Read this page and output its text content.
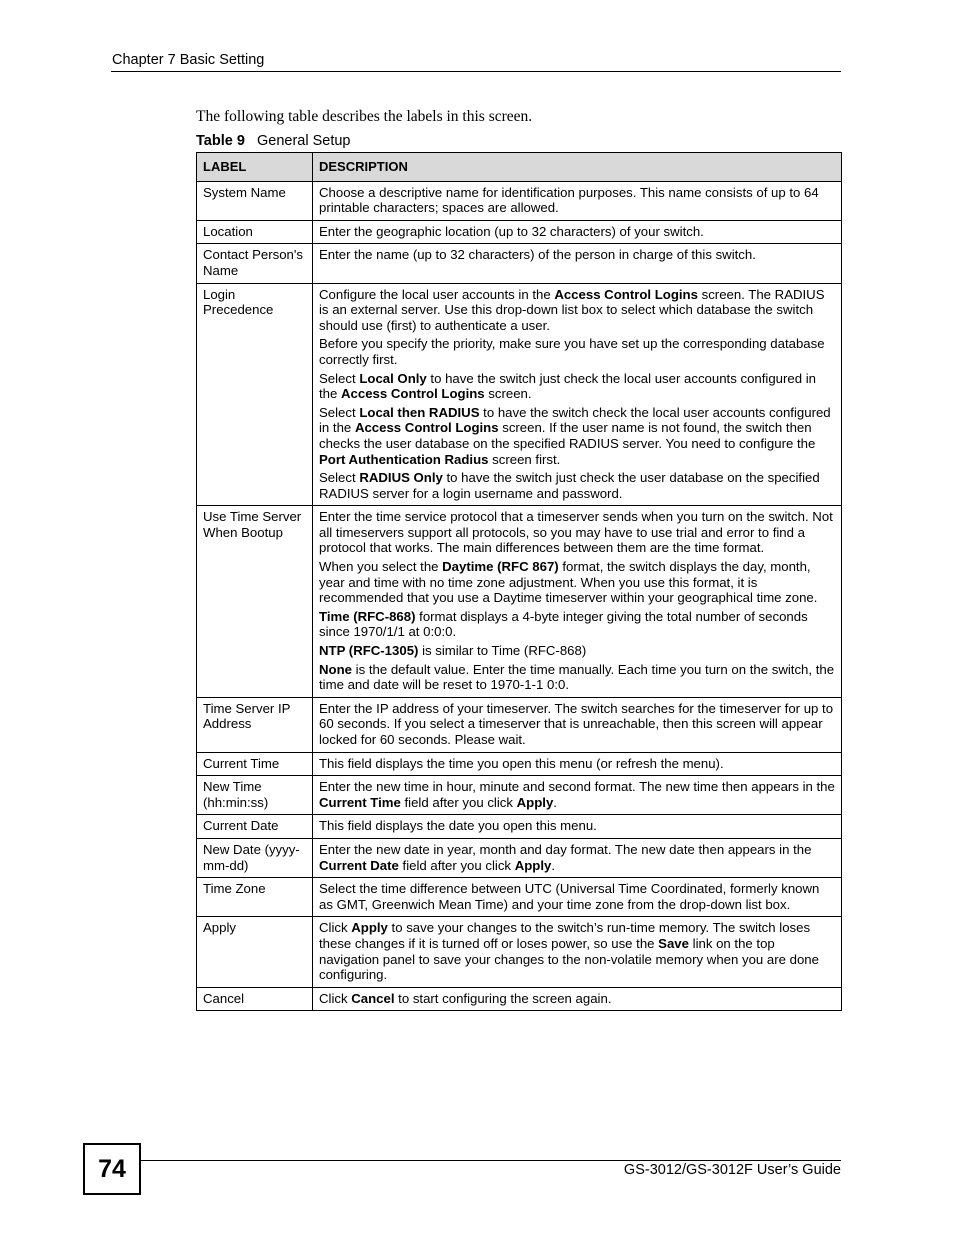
Chapter 7 Basic Setting
The following table describes the labels in this screen.
Table 9 General Setup
LABEL	DESCRIPTION
System Name	Choose a descriptive name for identification purposes. This name consists of up to 64 printable characters; spaces are allowed.

Location	Enter the geographic location (up to 32 characters) of your switch.

Contact Person's Name	Enter the name (up to 32 characters) of the person in charge of this switch.

Login Precedence	Configure the local user accounts in the Access Control Logins screen. The RADIUS is an external server. Use this drop-down list box to select which database the switch should use (first) to authenticate a user.

Before you specify the priority, make sure you have set up the corresponding database correctly first.

Select Local Only to have the switch just check the local user accounts configured in the Access Control Logins screen.

Select Local then RADIUS to have the switch check the local user accounts configured in the Access Control Logins screen. If the user name is not found, the switch then checks the user database on the specified RADIUS server. You need to configure the Port Authentication Radius screen first.

Select RADIUS Only to have the switch just check the user database on the specified RADIUS server for a login username and password.

Use Time Server When Bootup	Enter the time service protocol that a timeserver sends when you turn on the switch. Not all timeservers support all protocols, so you may have to use trial and error to find a protocol that works. The main differences between them are the time format.

When you select the Daytime (RFC 867) format, the switch displays the day, month, year and time with no time zone adjustment. When you use this format, it is recommended that you use a Daytime timeserver within your geographical time zone.

Time (RFC-868) format displays a 4-byte integer giving the total number of seconds since 1970/1/1 at 0:0:0.

NTP (RFC-1305) is similar to Time (RFC-868)

None is the default value. Enter the time manually. Each time you turn on the switch, the time and date will be reset to 1970-1-1 0:0.

Time Server IP Address	Enter the IP address of your timeserver. The switch searches for the timeserver for up to 60 seconds. If you select a timeserver that is unreachable, then this screen will appear locked for 60 seconds. Please wait.

Current Time	This field displays the time you open this menu (or refresh the menu).

New Time (hh:min:ss)	Enter the new time in hour, minute and second format. The new time then appears in the Current Time field after you click Apply.

Current Date	This field displays the date you open this menu.

New Date (yyyy-mm-dd)	Enter the new date in year, month and day format. The new date then appears in the Current Date field after you click Apply.

Time Zone	Select the time difference between UTC (Universal Time Coordinated, formerly known as GMT, Greenwich Mean Time) and your time zone from the drop-down list box.

Apply	Click Apply to save your changes to the switch’s run-time memory. The switch loses these changes if it is turned off or loses power, so use the Save link on the top navigation panel to save your changes to the non-volatile memory when you are done configuring.

Cancel	Click Cancel to start configuring the screen again.

74	GS-3012/GS-3012F User’s Guide
